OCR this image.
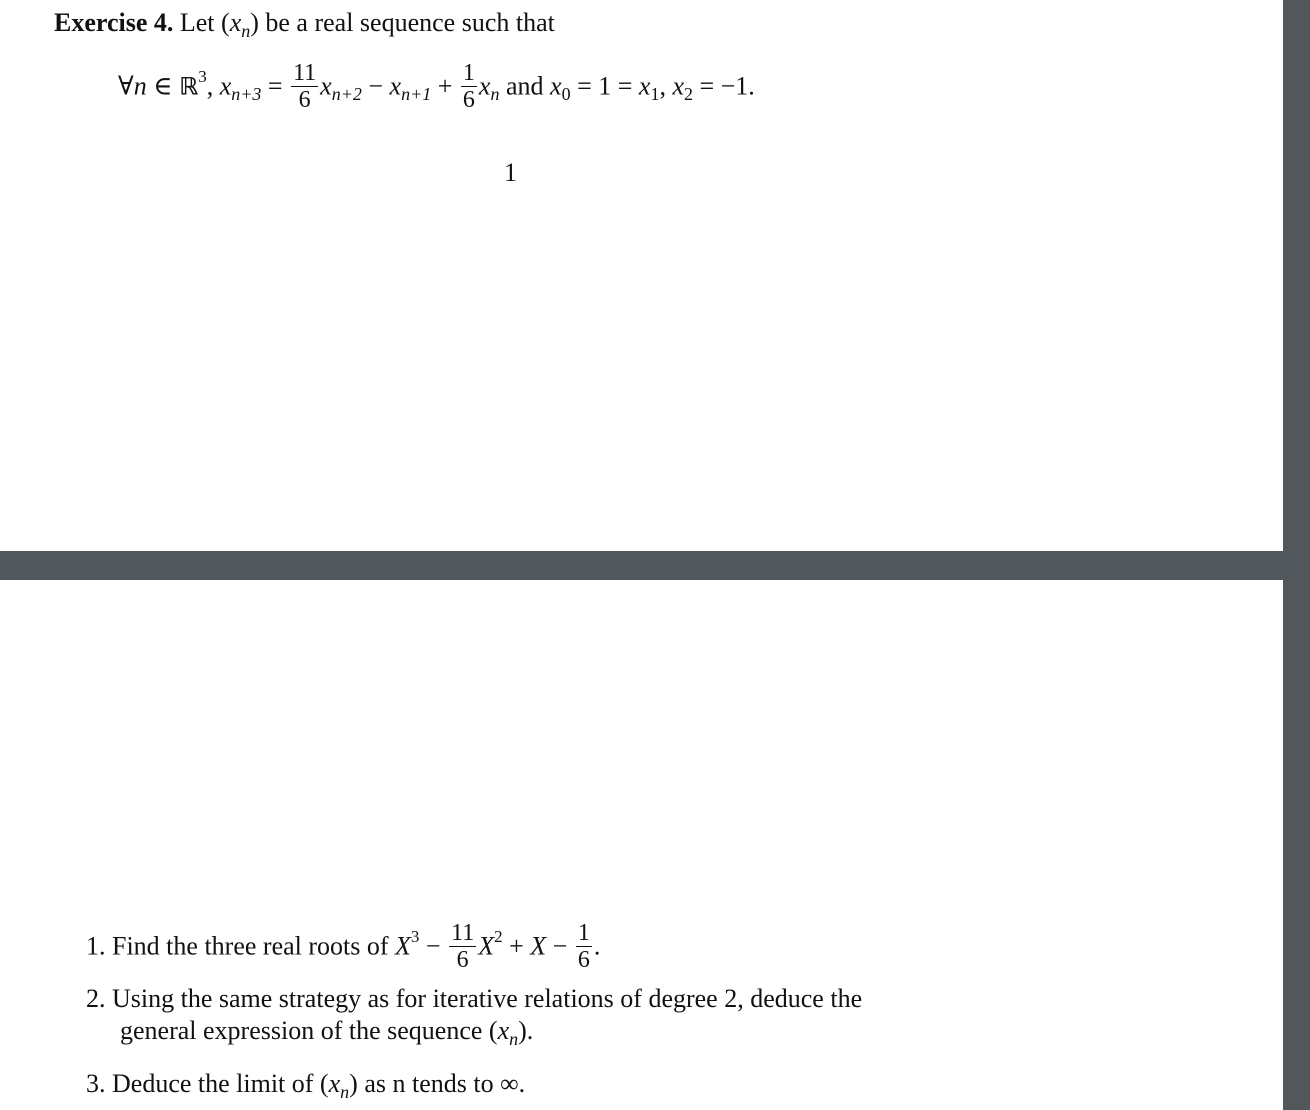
Exercise 4. Let $(x_n)$ be a real sequence such that
∀n ∈ ℝ$^3$, $x_{n+3} = \frac{11}{6} x_{n+2} - x_{n+1} + \frac{1}{6} x_n$ and $x_0 = 1 = x_1$, $x_2 = -1$.
1
1. Find the three real roots of $X^3 - \frac{11}{6} X^2 + X - \frac{1}{6}$ .
2. Using the same strategy as for iterative relations of degree 2, deduce the
general expression of the sequence $(x_n)$.
3. Deduce the limit of $(x_n)$ as n tends to ∞.
